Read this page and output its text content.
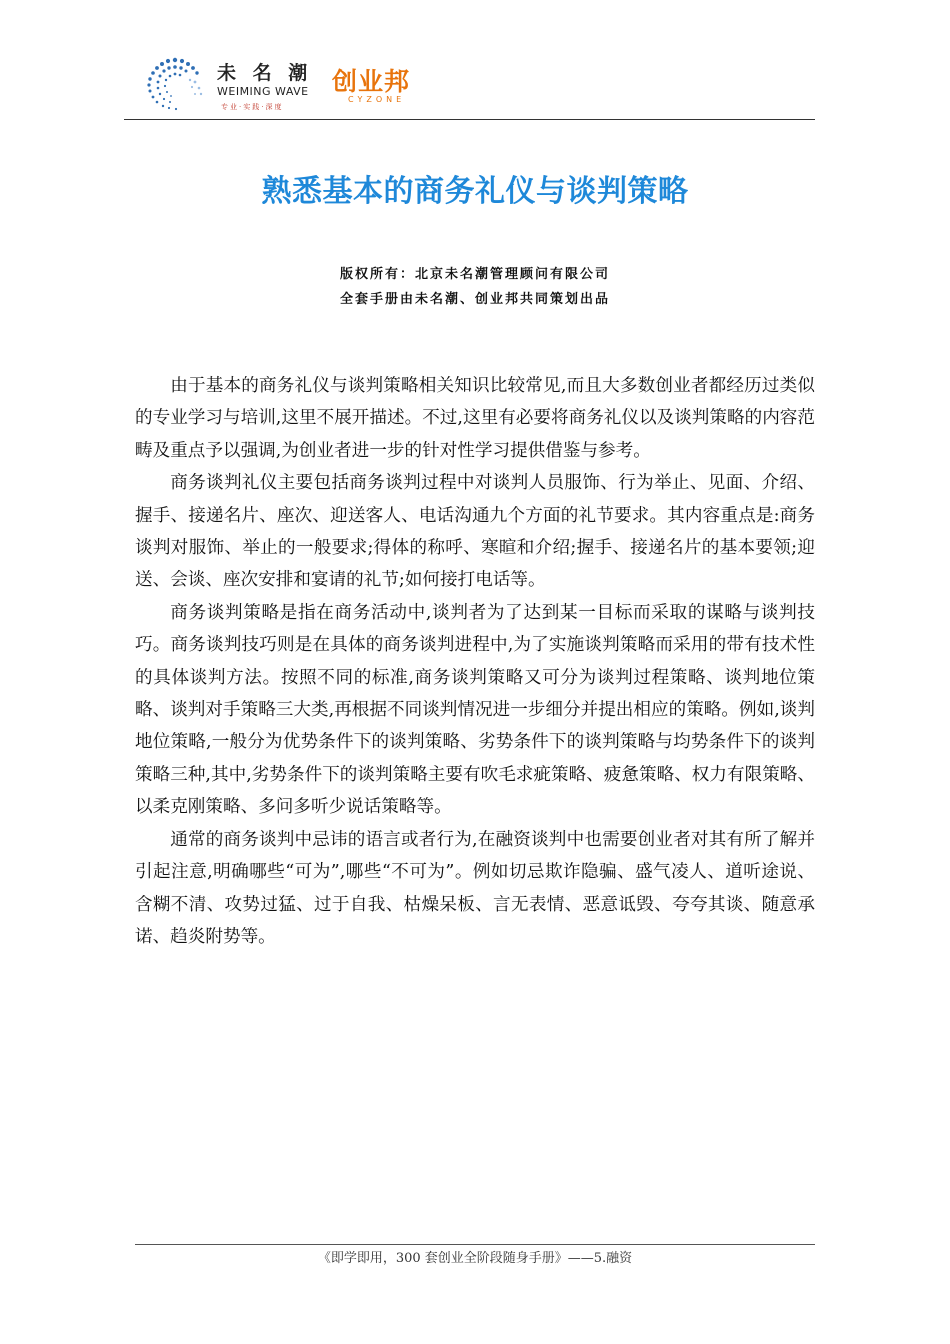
未 名 潮
WEIMING WAVE
专业·实践·深度
创业邦
CYZONE
熟悉基本的商务礼仪与谈判策略
版权所有：北京未名潮管理顾问有限公司
全套手册由未名潮、创业邦共同策划出品

由于基本的商务礼仪与谈判策略相关知识比较常见,而且大多数创业者都经历过类似的专业学习与培训,这里不展开描述。不过,这里有必要将商务礼仪以及谈判策略的内容范畴及重点予以强调,为创业者进一步的针对性学习提供借鉴与参考。

商务谈判礼仪主要包括商务谈判过程中对谈判人员服饰、行为举止、见面、介绍、握手、接递名片、座次、迎送客人、电话沟通九个方面的礼节要求。其内容重点是:商务谈判对服饰、举止的一般要求;得体的称呼、寒暄和介绍;握手、接递名片的基本要领;迎送、会谈、座次安排和宴请的礼节;如何接打电话等。

商务谈判策略是指在商务活动中,谈判者为了达到某一目标而采取的谋略与谈判技巧。商务谈判技巧则是在具体的商务谈判进程中,为了实施谈判策略而采用的带有技术性的具体谈判方法。按照不同的标准,商务谈判策略又可分为谈判过程策略、谈判地位策略、谈判对手策略三大类,再根据不同谈判情况进一步细分并提出相应的策略。例如,谈判地位策略,一般分为优势条件下的谈判策略、劣势条件下的谈判策略与均势条件下的谈判策略三种,其中,劣势条件下的谈判策略主要有吹毛求疵策略、疲惫策略、权力有限策略、以柔克刚策略、多问多听少说话策略等。

通常的商务谈判中忌讳的语言或者行为,在融资谈判中也需要创业者对其有所了解并引起注意,明确哪些“可为”,哪些“不可为”。例如切忌欺诈隐骗、盛气凌人、道听途说、含糊不清、攻势过猛、过于自我、枯燥呆板、言无表情、恶意诋毁、夸夸其谈、随意承诺、趋炎附势等。

《即学即用，300 套创业全阶段随身手册》——5.融资
